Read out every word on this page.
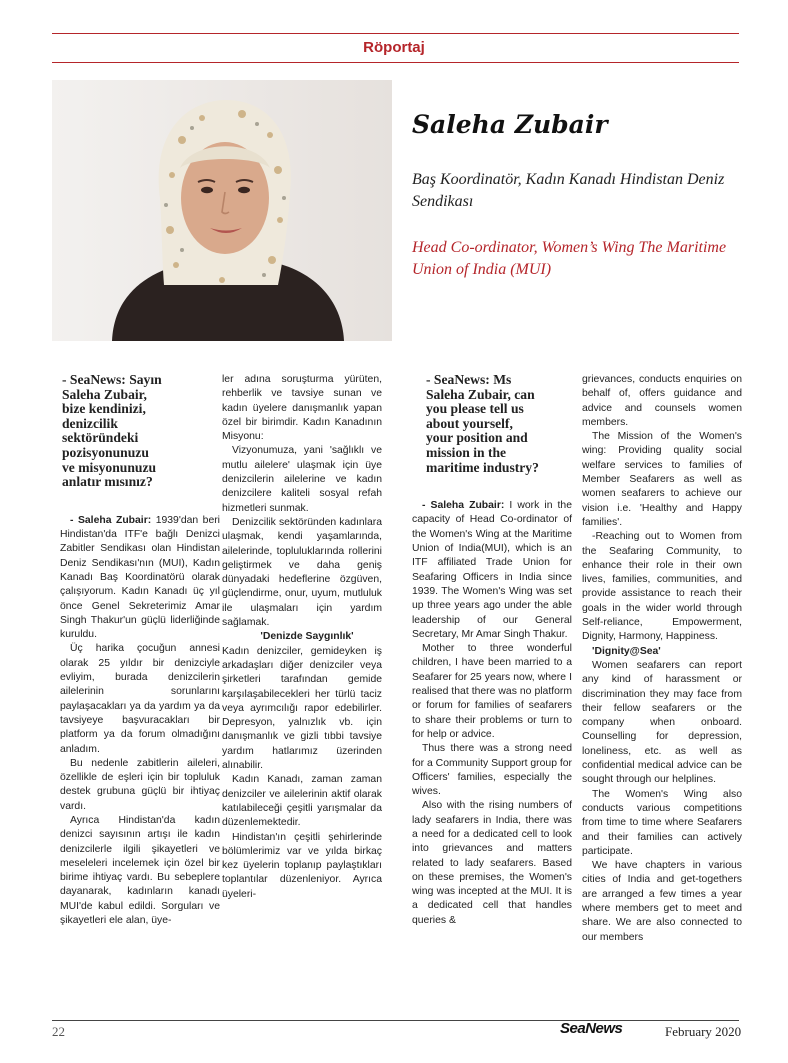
Röportaj
Saleha Zubair
Baş Koordinatör, Kadın Kanadı Hindistan Deniz Sendikası
Head Co-ordinator, Women’s Wing The Maritime Union of India (MUI)
- SeaNews: Sayın
Saleha Zubair,
bize kendinizi,
denizcilik
sektöründeki
pozisyonunuzu
ve misyonunuzu
anlatır mısınız?

- Saleha Zubair: 1939'dan beri Hindistan'da ITF'e bağlı Denizci Zabitler Sendikası olan Hindistan Deniz Sendikası'nın (MUI), Kadın Kanadı Baş Koordinatörü olarak çalışıyorum. Kadın Kanadı üç yıl önce Genel Sekreterimiz Amar Singh Thakur'un güçlü liderliğinde kuruldu.

Üç harika çocuğun annesi olarak 25 yıldır bir denizciyle evliyim, burada denizcilerin ailelerinin sorunlarını paylaşacakları ya da yardım ya da tavsiyeye başvuracakları bir platform ya da forum olmadığını anladım.

Bu nedenle zabitlerin aileleri, özellikle de eşleri için bir topluluk destek grubuna güçlü bir ihtiyaç vardı.

Ayrıca Hindistan'da kadın denizci sayısının artışı ile kadın denizcilerle ilgili şikayetleri ve meseleleri incelemek için özel bir birime ihtiyaç vardı. Bu sebeplere dayanarak, kadınların kanadı MUI'de kabul edildi. Sorguları ve şikayetleri ele alan, üye-

ler adına soruşturma yürüten, rehberlik ve tavsiye sunan ve kadın üyelere danışmanlık yapan özel bir birimdir. Kadın Kanadının Misyonu:

Vizyonumuza, yani 'sağlıklı ve mutlu ailelere' ulaşmak için üye denizcilerin ailelerine ve kadın denizcilere kaliteli sosyal refah hizmetleri sunmak.

Denizcilik sektöründen kadınlara ulaşmak, kendi yaşamlarında, ailelerinde, topluluklarında rollerini geliştirmek ve daha geniş dünyadaki hedeflerine özgüven, güçlendirme, onur, uyum, mutluluk ile ulaşmaları için yardım sağlamak.

'Denizde Saygınlık'

Kadın denizciler, gemideyken iş arkadaşları diğer denizciler veya şirketleri tarafından gemide karşılaşabilecekleri her türlü taciz veya ayrımcılığı rapor edebilirler. Depresyon, yalnızlık vb. için danışmanlık ve gizli tıbbi tavsiye yardım hatlarımız üzerinden alınabilir.

Kadın Kanadı, zaman zaman denizciler ve ailelerinin aktif olarak katılabileceği çeşitli yarışmalar da düzenlemektedir.

Hindistan'ın çeşitli şehirlerinde bölümlerimiz var ve yılda birkaç kez üyelerin toplanıp paylaştıkları toplantılar düzenleniyor. Ayrıca üyeleri-

- SeaNews: Ms
Saleha Zubair, can
you please tell us
about yourself,
your position and
mission in the
maritime industry?

- Saleha Zubair: I work in the capacity of Head Co-ordinator of the Women's Wing at the Maritime Union of India(MUI), which is an ITF affiliated Trade Union for Seafaring Officers in India since 1939. The Women's Wing was set up three years ago under the able leadership of our General Secretary, Mr Amar Singh Thakur.

Mother to three wonderful children, I have been married to a Seafarer for 25 years now, where I realised that there was no platform or forum for families of seafarers to share their problems or turn to for help or advice.

Thus there was a strong need for a Community Support group for Officers' families, especially the wives.

Also with the rising numbers of lady seafarers in India, there was a need for a dedicated cell to look into grievances and matters related to lady seafarers. Based on these premises, the Women's wing was incepted at the MUI. It is a dedicated cell that handles queries &

grievances, conducts enquiries on behalf of, offers guidance and advice and counsels women members.

The Mission of the Women's wing: Providing quality social welfare services to families of Member Seafarers as well as women seafarers to achieve our vision i.e. 'Healthy and Happy families'.

-Reaching out to Women from the Seafaring Community, to enhance their role in their own lives, families, communities, and provide assistance to reach their goals in the wider world through Self-reliance, Empowerment, Dignity, Harmony, Happiness.

'Dignity@Sea'

Women seafarers can report any kind of harassment or discrimination they may face from their fellow seafarers or the company when onboard. Counselling for depression, loneliness, etc. as well as confidential medical advice can be sought through our helplines.

The Women's Wing also conducts various competitions from time to time where Seafarers and their families can actively participate.

We have chapters in various cities of India and get-togethers are arranged a few times a year where members get to meet and share. We are also connected to our members

22	SeaNews	February 2020
